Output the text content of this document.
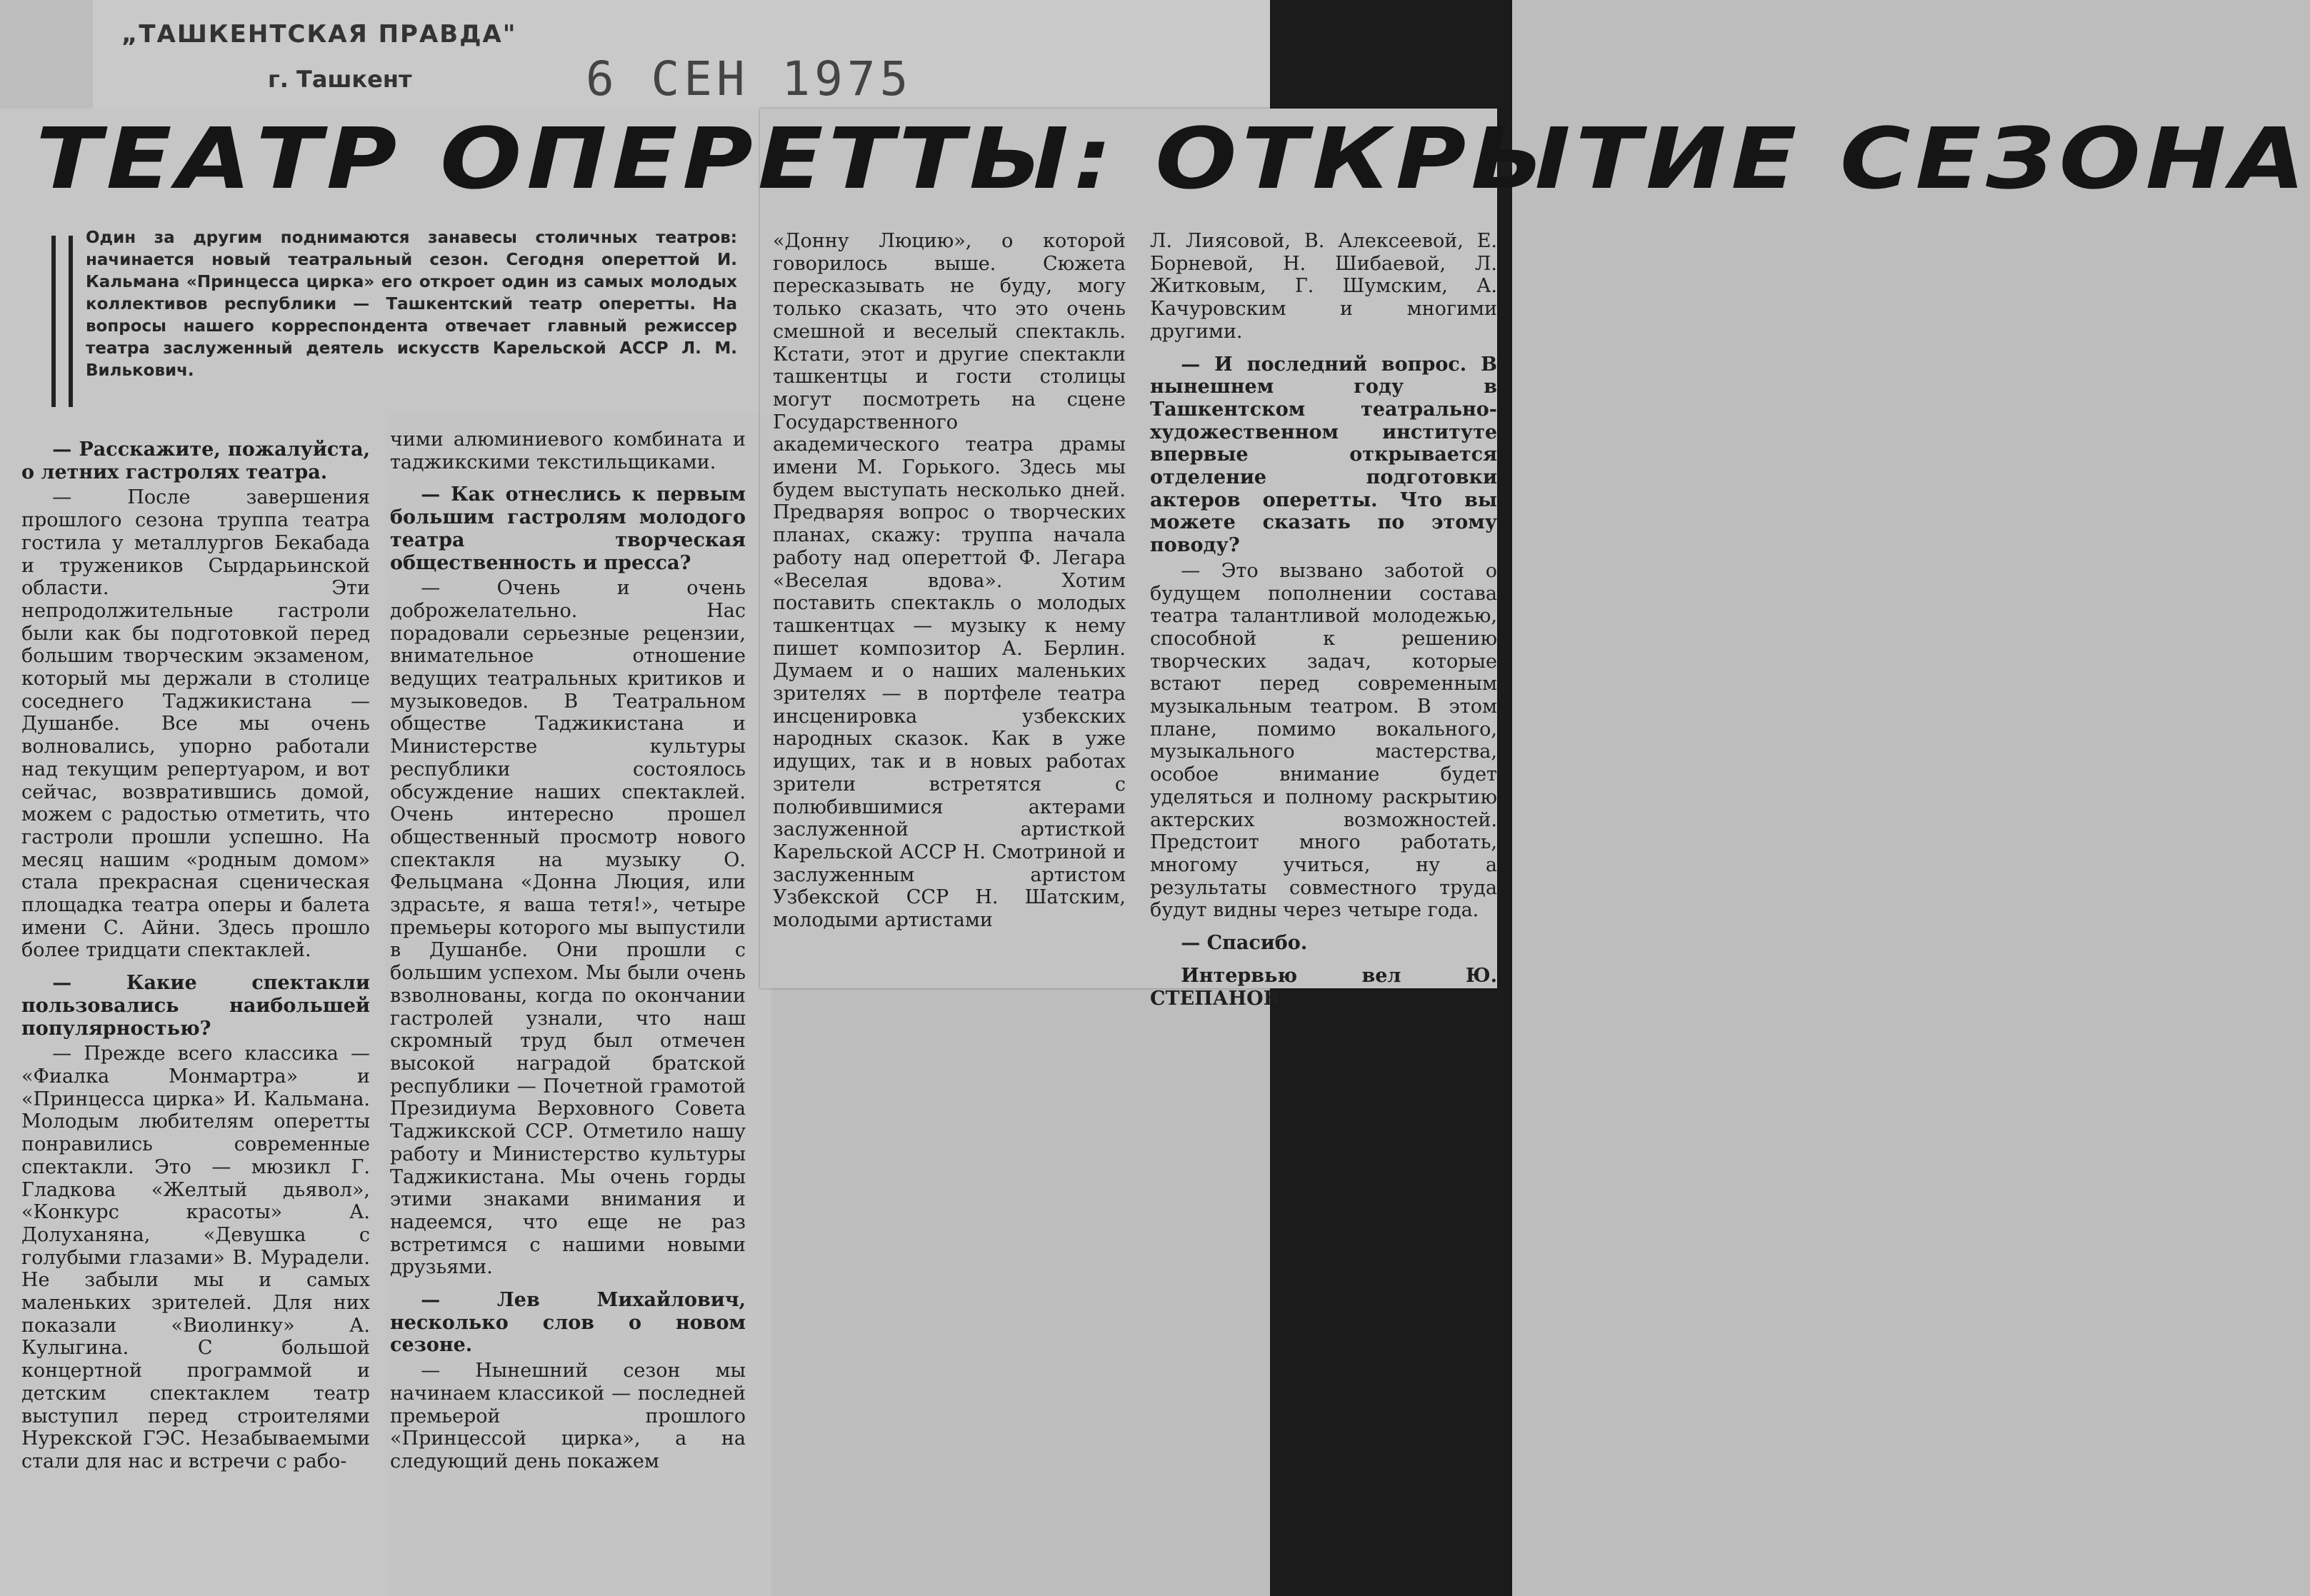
„ТАШКЕНТСКАЯ ПРАВДА"
г. Ташкент	6 СЕН 1975
ТЕАТР ОПЕРЕТТЫ: ОТКРЫТИЕ СЕЗОНА

Один за другим поднимаются занавесы столичных театров: начинается новый театральный сезон. Сегодня опереттой И. Кальмана «Принцесса цирка» его откроет один из самых молодых коллективов республики — Ташкентский театр оперетты. На вопросы нашего корреспондента отвечает главный режиссер театра заслуженный деятель искусств Карельской АССР Л. М. Вилькович.

— Расскажите, пожалуйста, о летних гастролях театра.

— После завершения прошлого сезона труппа театра гостила у металлургов Бекабада и тружеников Сырдарьинской области. Эти непродолжительные гастроли были как бы подготовкой перед большим творческим экзаменом, который мы держали в столице соседнего Таджикистана — Душанбе. Все мы очень волновались, упорно работали над текущим репертуаром, и вот сейчас, возвратившись домой, можем с радостью отметить, что гастроли прошли успешно. На месяц нашим «родным домом» стала прекрасная сценическая площадка театра оперы и балета имени С. Айни. Здесь прошло более тридцати спектаклей.

— Какие спектакли пользовались наибольшей популярностью?

— Прежде всего классика — «Фиалка Монмартра» и «Принцесса цирка» И. Кальмана. Молодым любителям оперетты понравились современные спектакли. Это — мюзикл Г. Гладкова «Желтый дьявол», «Конкурс красоты» А. Долуханяна, «Девушка с голубыми глазами» В. Мурадели. Не забыли мы и самых маленьких зрителей. Для них показали «Виолинку» А. Кулыгина. С большой концертной программой и детским спектаклем театр выступил перед строителями Нурекской ГЭС. Незабываемыми стали для нас и встречи с рабо-

чими алюминиевого комбината и таджикскими текстильщиками.

— Как отнеслись к первым большим гастролям молодого театра творческая общественность и пресса?

— Очень и очень доброжелательно. Нас порадовали серьезные рецензии, внимательное отношение ведущих театральных критиков и музыковедов. В Театральном обществе Таджикистана и Министерстве культуры республики состоялось обсуждение наших спектаклей. Очень интересно прошел общественный просмотр нового спектакля на музыку О. Фельцмана «Донна Люция, или здрасьте, я ваша тетя!», четыре премьеры которого мы выпустили в Душанбе. Они прошли с большим успехом. Мы были очень взволнованы, когда по окончании гастролей узнали, что наш скромный труд был отмечен высокой наградой братской республики — Почетной грамотой Президиума Верховного Совета Таджикской ССР. Отметило нашу работу и Министерство культуры Таджикистана. Мы очень горды этими знаками внимания и надеемся, что еще не раз встретимся с нашими новыми друзьями.

— Лев Михайлович, несколько слов о новом сезоне.

— Нынешний сезон мы начинаем классикой — последней премьерой прошлого «Принцессой цирка», а на следующий день покажем

«Донну Люцию», о которой говорилось выше. Сюжета пересказывать не буду, могу только сказать, что это очень смешной и веселый спектакль. Кстати, этот и другие спектакли ташкентцы и гости столицы могут посмотреть на сцене Государственного академического театра драмы имени М. Горького. Здесь мы будем выступать несколько дней. Предваряя вопрос о творческих планах, скажу: труппа начала работу над опереттой Ф. Легара «Веселая вдова». Хотим поставить спектакль о молодых ташкентцах — музыку к нему пишет композитор А. Берлин. Думаем и о наших маленьких зрителях — в портфеле театра инсценировка узбекских народных сказок. Как в уже идущих, так и в новых работах зрители встретятся с полюбившимися актерами заслуженной артисткой Карельской АССР Н. Смотриной и заслуженным артистом Узбекской ССР Н. Шатским, молодыми артистами

Л. Лиясовой, В. Алексеевой, Е. Борневой, Н. Шибаевой, Л. Житковым, Г. Шумским, А. Качуровским и многими другими.

— И последний вопрос. В нынешнем году в Ташкентском театрально-художественном институте впервые открывается отделение подготовки актеров оперетты. Что вы можете сказать по этому поводу?

— Это вызвано заботой о будущем пополнении состава театра талантливой молодежью, способной к решению творческих задач, которые встают перед современным музыкальным театром. В этом плане, помимо вокального, музыкального мастерства, особое внимание будет уделяться и полному раскрытию актерских возможностей. Предстоит много работать, многому учиться, ну а результаты совместного труда будут видны через четыре года.

— Спасибо.

Интервью вел Ю. СТЕПАНОВ.
